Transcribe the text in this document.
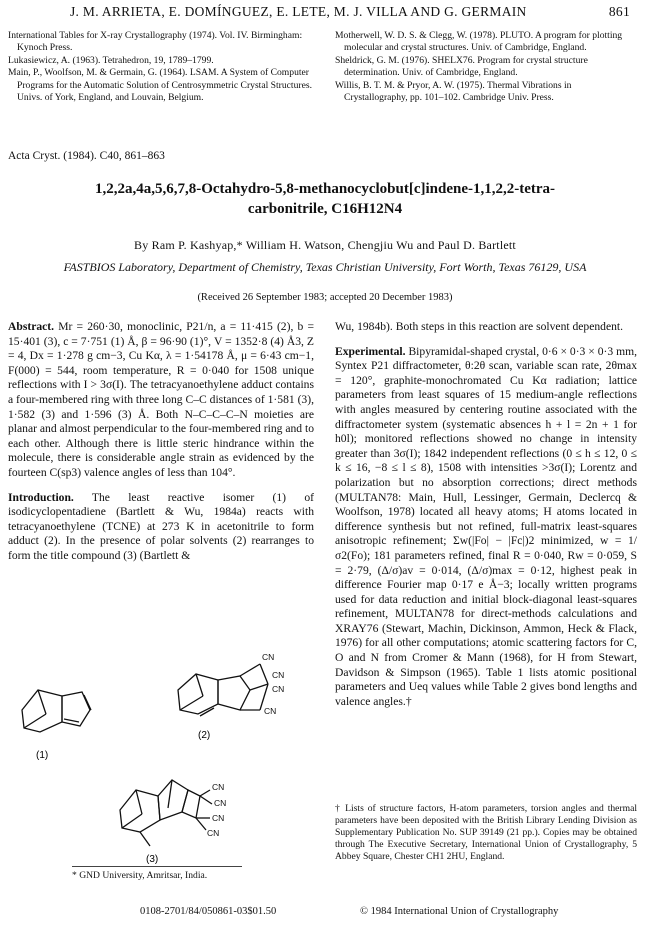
J. M. ARRIETA, E. DOMÍNGUEZ, E. LETE, M. J. VILLA AND G. GERMAIN	861

International Tables for X-ray Crystallography (1974). Vol. IV. Birmingham: Kynoch Press.

Lukasiewicz, A. (1963). Tetrahedron, 19, 1789–1799.

Main, P., Woolfson, M. & Germain, G. (1964). LSAM. A System of Computer Programs for the Automatic Solution of Centrosymmetric Crystal Structures. Univs. of York, England, and Louvain, Belgium.

Motherwell, W. D. S. & Clegg, W. (1978). PLUTO. A program for plotting molecular and crystal structures. Univ. of Cambridge, England.

Sheldrick, G. M. (1976). SHELX76. Program for crystal structure determination. Univ. of Cambridge, England.

Willis, B. T. M. & Pryor, A. W. (1975). Thermal Vibrations in Crystallography, pp. 101–102. Cambridge Univ. Press.

Acta Cryst. (1984). C40, 861–863
1,2,2a,4a,5,6,7,8-Octahydro-5,8-methanocyclobut[c]indene-1,1,2,2-tetra-
carbonitrile, C16H12N4
By Ram P. Kashyap,* William H. Watson, Chengjiu Wu and Paul D. Bartlett
FASTBIOS Laboratory, Department of Chemistry, Texas Christian University, Fort Worth, Texas 76129, USA
(Received 26 September 1983; accepted 20 December 1983)

Abstract. Mr = 260·30, monoclinic, P21/n, a = 11·415 (2), b = 15·401 (3), c = 7·751 (1) Å, β = 96·90 (1)°, V = 1352·8 (4) Å3, Z = 4, Dx = 1·278 g cm−3, Cu Kα, λ = 1·54178 Å, μ = 6·43 cm−1, F(000) = 544, room temperature, R = 0·040 for 1508 unique reflections with I > 3σ(I). The tetracyanoethylene adduct contains a four-membered ring with three long C–C distances of 1·581 (3), 1·582 (3) and 1·596 (3) Å. Both N–C–C–C–N moieties are planar and almost perpendicular to the four-membered ring and to each other. Although there is little steric hindrance within the molecule, there is considerable angle strain as evidenced by the fourteen C(sp3) valence angles of less than 104°.

Introduction. The least reactive isomer (1) of isodicyclopentadiene (Bartlett & Wu, 1984a) reacts with tetracyanoethylene (TCNE) at 273 K in acetonitrile to form adduct (2). In the presence of polar solvents (2) rearranges to form the title compound (3) (Bartlett &

(1)
CN
CN
CN
CN
(2)
CN
CN
CN
CN
(3)

Wu, 1984b). Both steps in this reaction are solvent dependent.

Experimental. Bipyramidal-shaped crystal, 0·6 × 0·3 × 0·3 mm, Syntex P21 diffractometer, θ:2θ scan, variable scan rate, 2θmax = 120°, graphite-monochromated Cu Kα radiation; lattice parameters from least squares of 15 medium-angle reflections with angles measured by centering routine associated with the diffractometer system (systematic absences h + l = 2n + 1 for h0l); monitored reflections showed no change in intensity greater than 3σ(I); 1842 independent reflections (0 ≤ h ≤ 12, 0 ≤ k ≤ 16, −8 ≤ l ≤ 8), 1508 with intensities >3σ(I); Lorentz and polarization but no absorption corrections; direct methods (MULTAN78: Main, Hull, Lessinger, Germain, Declercq & Woolfson, 1978) located all heavy atoms; H atoms located in difference synthesis but not refined, full-matrix least-squares anisotropic refinement; Σw(|Fo| − |Fc|)2 minimized, w = 1/σ2(Fo); 181 parameters refined, final R = 0·040, Rw = 0·059, S = 2·79, (Δ/σ)av = 0·014, (Δ/σ)max = 0·12, highest peak in difference Fourier map 0·17 e Å−3; locally written programs used for data reduction and initial block-diagonal least-squares refinement, MULTAN78 for direct-methods calculations and XRAY76 (Stewart, Machin, Dickinson, Ammon, Heck & Flack, 1976) for all other computations; atomic scattering factors for C, O and N from Cromer & Mann (1968), for H from Stewart, Davidson & Simpson (1965). Table 1 lists atomic positional parameters and Ueq values while Table 2 gives bond lengths and valence angles.†

† Lists of structure factors, H-atom parameters, torsion angles and thermal parameters have been deposited with the British Library Lending Division as Supplementary Publication No. SUP 39149 (21 pp.). Copies may be obtained through The Executive Secretary, International Union of Crystallography, 5 Abbey Square, Chester CH1 2HU, England.
* GND University, Amritsar, India.
0108-2701/84/050861-03$01.50	© 1984 International Union of Crystallography
